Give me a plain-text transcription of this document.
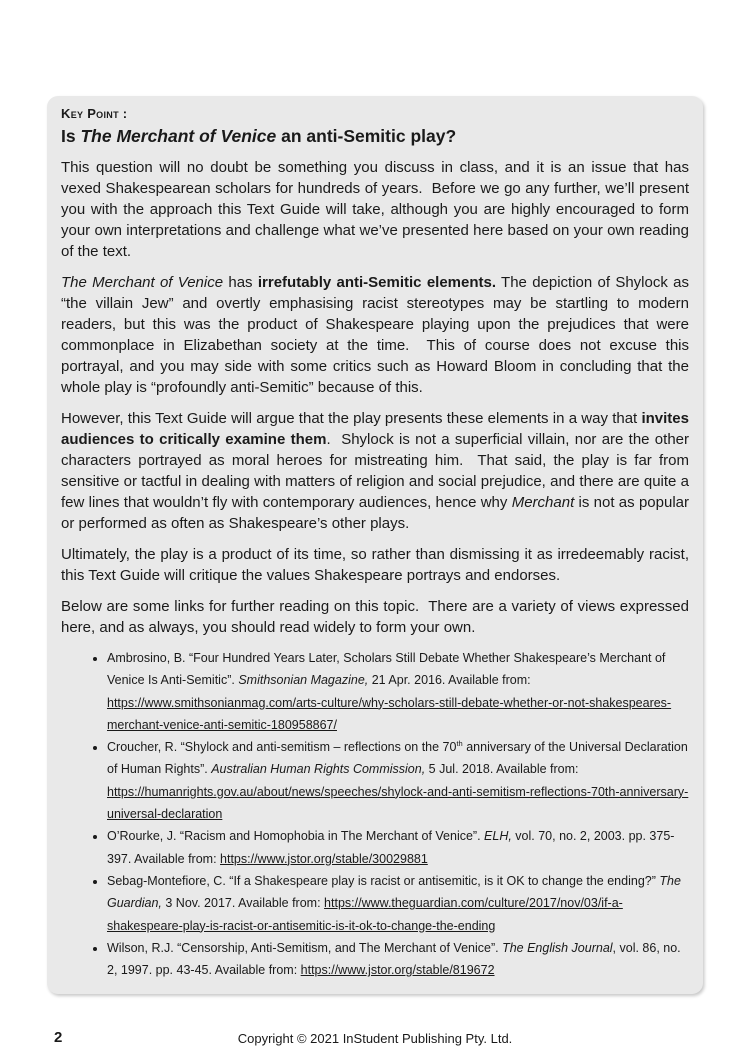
Key Point :
Is The Merchant of Venice an anti-Semitic play?

This question will no doubt be something you discuss in class, and it is an issue that has vexed Shakespearean scholars for hundreds of years.  Before we go any further, we’ll present you with the approach this Text Guide will take, although you are highly encouraged to form your own interpretations and challenge what we’ve presented here based on your own reading of the text.

The Merchant of Venice has irrefutably anti-Semitic elements. The depiction of Shylock as “the villain Jew” and overtly emphasising racist stereotypes may be startling to modern readers, but this was the product of Shakespeare playing upon the prejudices that were commonplace in Elizabethan society at the time.  This of course does not excuse this portrayal, and you may side with some critics such as Howard Bloom in concluding that the whole play is “profoundly anti-Semitic” because of this.

However, this Text Guide will argue that the play presents these elements in a way that invites audiences to critically examine them.  Shylock is not a superficial villain, nor are the other characters portrayed as moral heroes for mistreating him.  That said, the play is far from sensitive or tactful in dealing with matters of religion and social prejudice, and there are quite a few lines that wouldn’t fly with contemporary audiences, hence why Merchant is not as popular or performed as often as Shakespeare’s other plays.

Ultimately, the play is a product of its time, so rather than dismissing it as irredeemably racist, this Text Guide will critique the values Shakespeare portrays and endorses.

Below are some links for further reading on this topic.  There are a variety of views expressed here, and as always, you should read widely to form your own.

• Ambrosino, B. “Four Hundred Years Later, Scholars Still Debate Whether Shakespeare’s Merchant of Venice Is Anti-Semitic”. Smithsonian Magazine, 21 Apr. 2016. Available from: https://www.smithsonianmag.com/arts-culture/why-scholars-still-debate-whether-or-not-shakespeares-merchant-venice-anti-semitic-180958867/
• Croucher, R. “Shylock and anti-semitism – reflections on the 70th anniversary of the Universal Declaration of Human Rights”. Australian Human Rights Commission, 5 Jul. 2018. Available from: https://humanrights.gov.au/about/news/speeches/shylock-and-anti-semitism-reflections-70th-anniversary-universal-declaration
• O’Rourke, J. “Racism and Homophobia in The Merchant of Venice”. ELH, vol. 70, no. 2, 2003. pp. 375-397. Available from: https://www.jstor.org/stable/30029881
• Sebag-Montefiore, C. “If a Shakespeare play is racist or antisemitic, is it OK to change the ending?” The Guardian, 3 Nov. 2017. Available from: https://www.theguardian.com/culture/2017/nov/03/if-a-shakespeare-play-is-racist-or-antisemitic-is-it-ok-to-change-the-ending
• Wilson, R.J. “Censorship, Anti-Semitism, and The Merchant of Venice”. The English Journal, vol. 86, no. 2, 1997. pp. 43-45. Available from: https://www.jstor.org/stable/819672
2	Copyright © 2021 InStudent Publishing Pty. Ltd.
